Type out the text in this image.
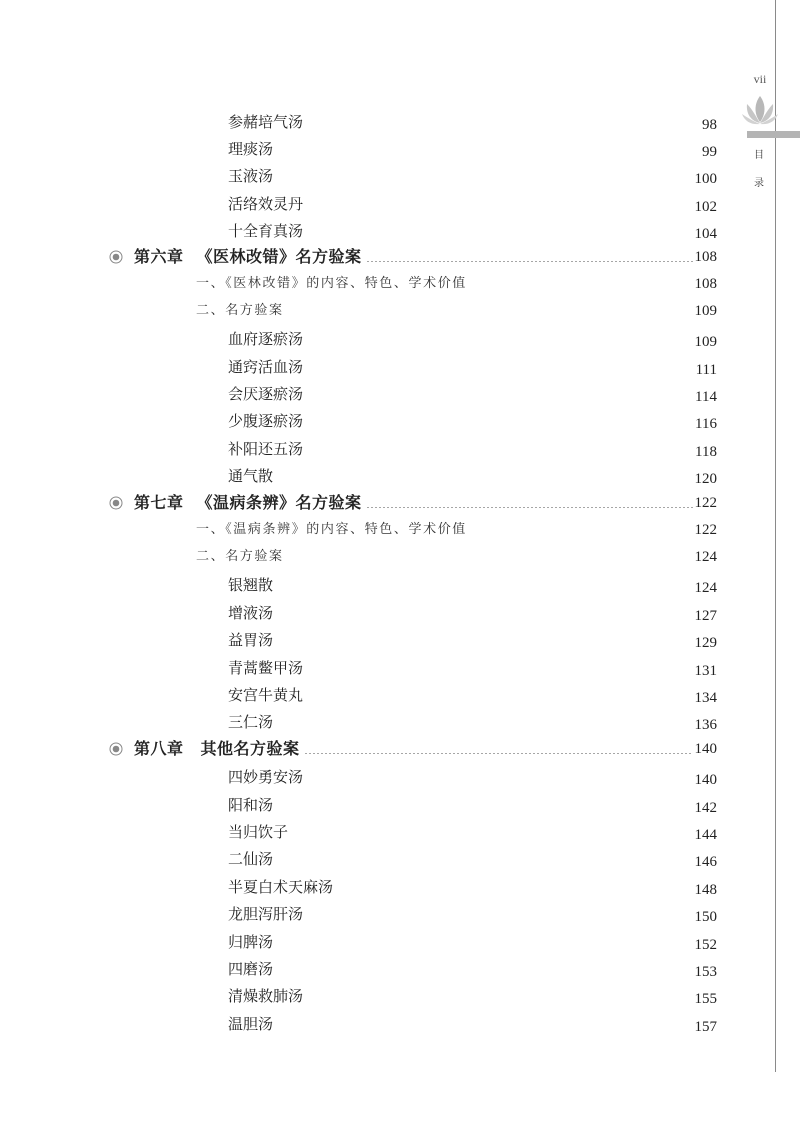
vii
目
录
参赭培气汤	98
理痰汤	99
玉液汤	100
活络效灵丹	102
十全育真汤	104
第六章 《医林改错》名方验案	108
一、《医林改错》的内容、特色、学术价值	108
二、名方验案	109
血府逐瘀汤	109
通窍活血汤	111
会厌逐瘀汤	114
少腹逐瘀汤	116
补阳还五汤	118
通气散	120
第七章 《温病条辨》名方验案	122
一、《温病条辨》的内容、特色、学术价值	122
二、名方验案	124
银翘散	124
增液汤	127
益胃汤	129
青蒿鳖甲汤	131
安宫牛黄丸	134
三仁汤	136
第八章 其他名方验案	140
四妙勇安汤	140
阳和汤	142
当归饮子	144
二仙汤	146
半夏白术天麻汤	148
龙胆泻肝汤	150
归脾汤	152
四磨汤	153
清燥救肺汤	155
温胆汤	157
